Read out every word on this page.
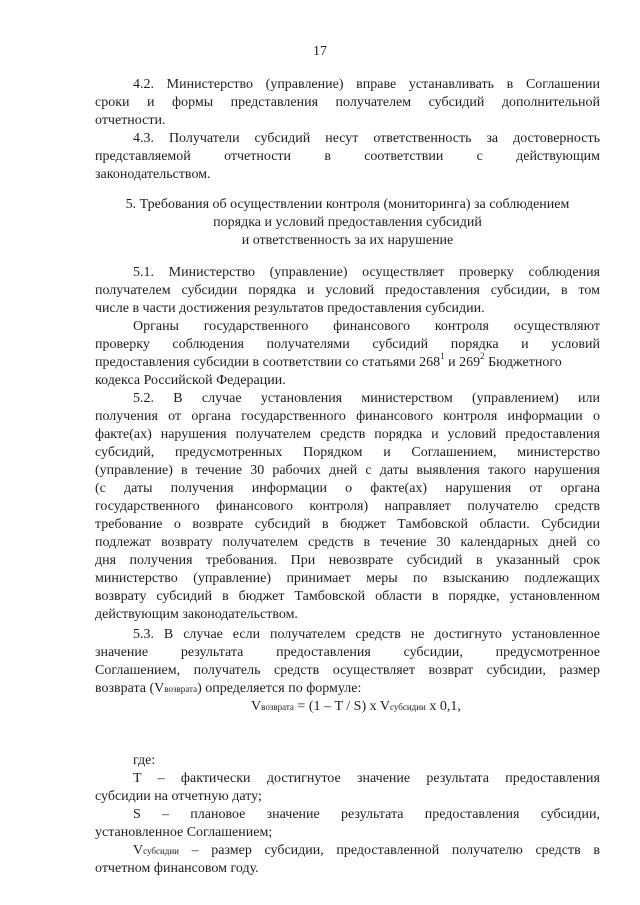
17
4.2. Министерство (управление) вправе устанавливать в Соглашении
сроки и формы представления получателем субсидий дополнительной
отчетности.
4.3. Получатели субсидий несут ответственность за достоверность
представляемой отчетности в соответствии с действующим
законодательством.
5. Требования об осуществлении контроля (мониторинга) за соблюдением
порядка и условий предоставления субсидий
и ответственность за их нарушение
5.1. Министерство (управление) осуществляет проверку соблюдения
получателем субсидии порядка и условий предоставления субсидии, в том
числе в части достижения результатов предоставления субсидии.
Органы государственного финансового контроля осуществляют
проверку соблюдения получателями субсидий порядка и условий
предоставления субсидии в соответствии со статьями $268^1$ и $269^2$ Бюджетного
кодекса Российской Федерации.
5.2. В случае установления министерством (управлением) или
получения от органа государственного финансового контроля информации о
факте(ах) нарушения получателем средств порядка и условий предоставления
субсидий, предусмотренных Порядком и Соглашением, министерство
(управление) в течение 30 рабочих дней с даты выявления такого нарушения
(с даты получения информации о факте(ах) нарушения от органа
государственного финансового контроля) направляет получателю средств
требование о возврате субсидий в бюджет Тамбовской области. Субсидии
подлежат возврату получателем средств в течение 30 календарных дней со
дня получения требования. При невозврате субсидий в указанный срок
министерство (управление) принимает меры по взысканию подлежащих
возврату субсидий в бюджет Тамбовской области в порядке, установленном
действующим законодательством.
5.3. В случае если получателем средств не достигнуто установленное
значение результата предоставления субсидии, предусмотренное
Соглашением, получатель средств осуществляет возврат субсидии, размер
возврата (Vвозврата) определяется по формуле:
Vвозврата = (1 – T / S) x Vсубсидии x 0,1,
где:
T – фактически достигнутое значение результата предоставления
субсидии на отчетную дату;
S – плановое значение результата предоставления субсидии,
установленное Соглашением;
Vсубсидии – размер субсидии, предоставленной получателю средств в
отчетном финансовом году.
